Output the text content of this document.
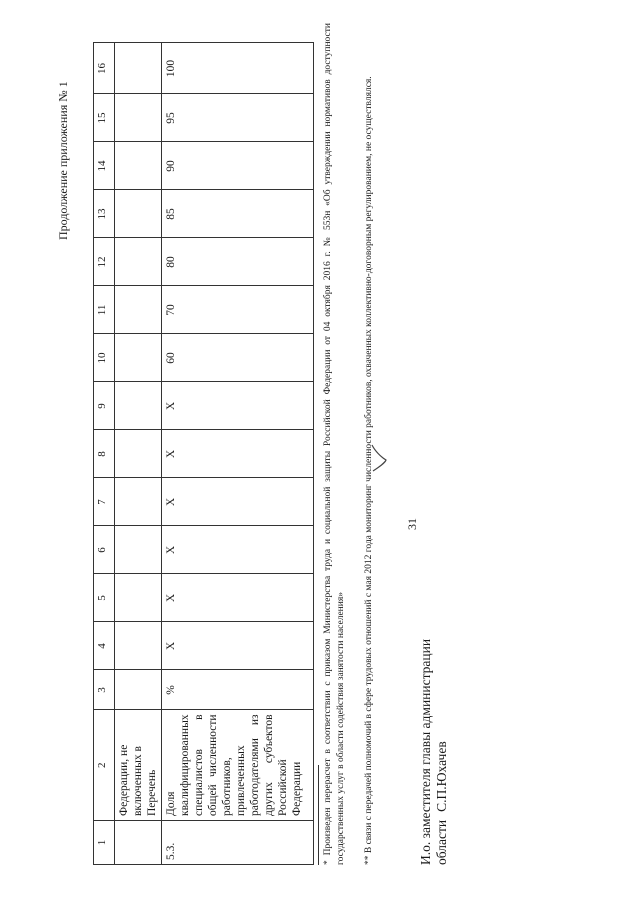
31
Продолжение приложения № 1
1	2	3	4	5	6	7	8	9	10	11	12	13	14	15	16
	Федерации, не включенных в Перечень														
5.3.	Доля квалифицированных специалистов в общей численности работников, привлеченных работодателями из других субъектов Российской Федерации	%	Х	Х	Х	Х	Х	Х	60	70	80	85	90	95	100	* Произведен перерасчет в соответствии с приказом Министерства труда и социальной защиты Российской Федерации от 04 октября 2016 г. № 553н «Об утверждении нормативов доступности государственных услуг в области содействия занятости населения» ** В связи с передачей полномочий в сфере трудовых отношений с мая 2012 года мониторинг численности работников, охваченных коллективно-договорным регулированием, не осуществлялся.	И.о. заместителя главы администрации области
С.П.Юхачев
